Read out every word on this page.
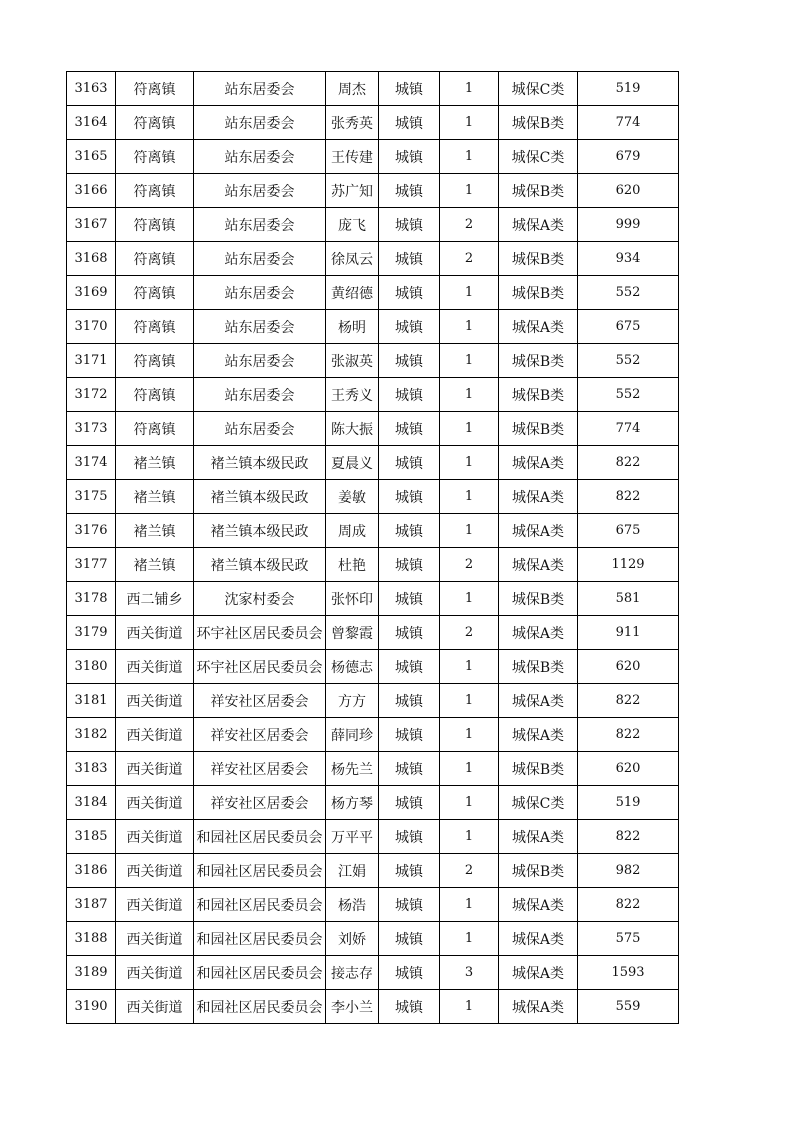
3163	符离镇	站东居委会	周杰	城镇	1	城保C类	519
3164	符离镇	站东居委会	张秀英	城镇	1	城保B类	774
3165	符离镇	站东居委会	王传建	城镇	1	城保C类	679
3166	符离镇	站东居委会	苏广知	城镇	1	城保B类	620
3167	符离镇	站东居委会	庞飞	城镇	2	城保A类	999
3168	符离镇	站东居委会	徐凤云	城镇	2	城保B类	934
3169	符离镇	站东居委会	黄绍德	城镇	1	城保B类	552
3170	符离镇	站东居委会	杨明	城镇	1	城保A类	675
3171	符离镇	站东居委会	张淑英	城镇	1	城保B类	552
3172	符离镇	站东居委会	王秀义	城镇	1	城保B类	552
3173	符离镇	站东居委会	陈大振	城镇	1	城保B类	774
3174	褚兰镇	褚兰镇本级民政	夏晨义	城镇	1	城保A类	822
3175	褚兰镇	褚兰镇本级民政	姜敏	城镇	1	城保A类	822
3176	褚兰镇	褚兰镇本级民政	周成	城镇	1	城保A类	675
3177	褚兰镇	褚兰镇本级民政	杜艳	城镇	2	城保A类	1129
3178	西二铺乡	沈家村委会	张怀印	城镇	1	城保B类	581
3179	西关街道	环宇社区居民委员会	曾黎霞	城镇	2	城保A类	911
3180	西关街道	环宇社区居民委员会	杨德志	城镇	1	城保B类	620
3181	西关街道	祥安社区居委会	方方	城镇	1	城保A类	822
3182	西关街道	祥安社区居委会	薛同珍	城镇	1	城保A类	822
3183	西关街道	祥安社区居委会	杨先兰	城镇	1	城保B类	620
3184	西关街道	祥安社区居委会	杨方琴	城镇	1	城保C类	519
3185	西关街道	和园社区居民委员会	万平平	城镇	1	城保A类	822
3186	西关街道	和园社区居民委员会	江娟	城镇	2	城保B类	982
3187	西关街道	和园社区居民委员会	杨浩	城镇	1	城保A类	822
3188	西关街道	和园社区居民委员会	刘娇	城镇	1	城保A类	575
3189	西关街道	和园社区居民委员会	接志存	城镇	3	城保A类	1593
3190	西关街道	和园社区居民委员会	李小兰	城镇	1	城保A类	559
